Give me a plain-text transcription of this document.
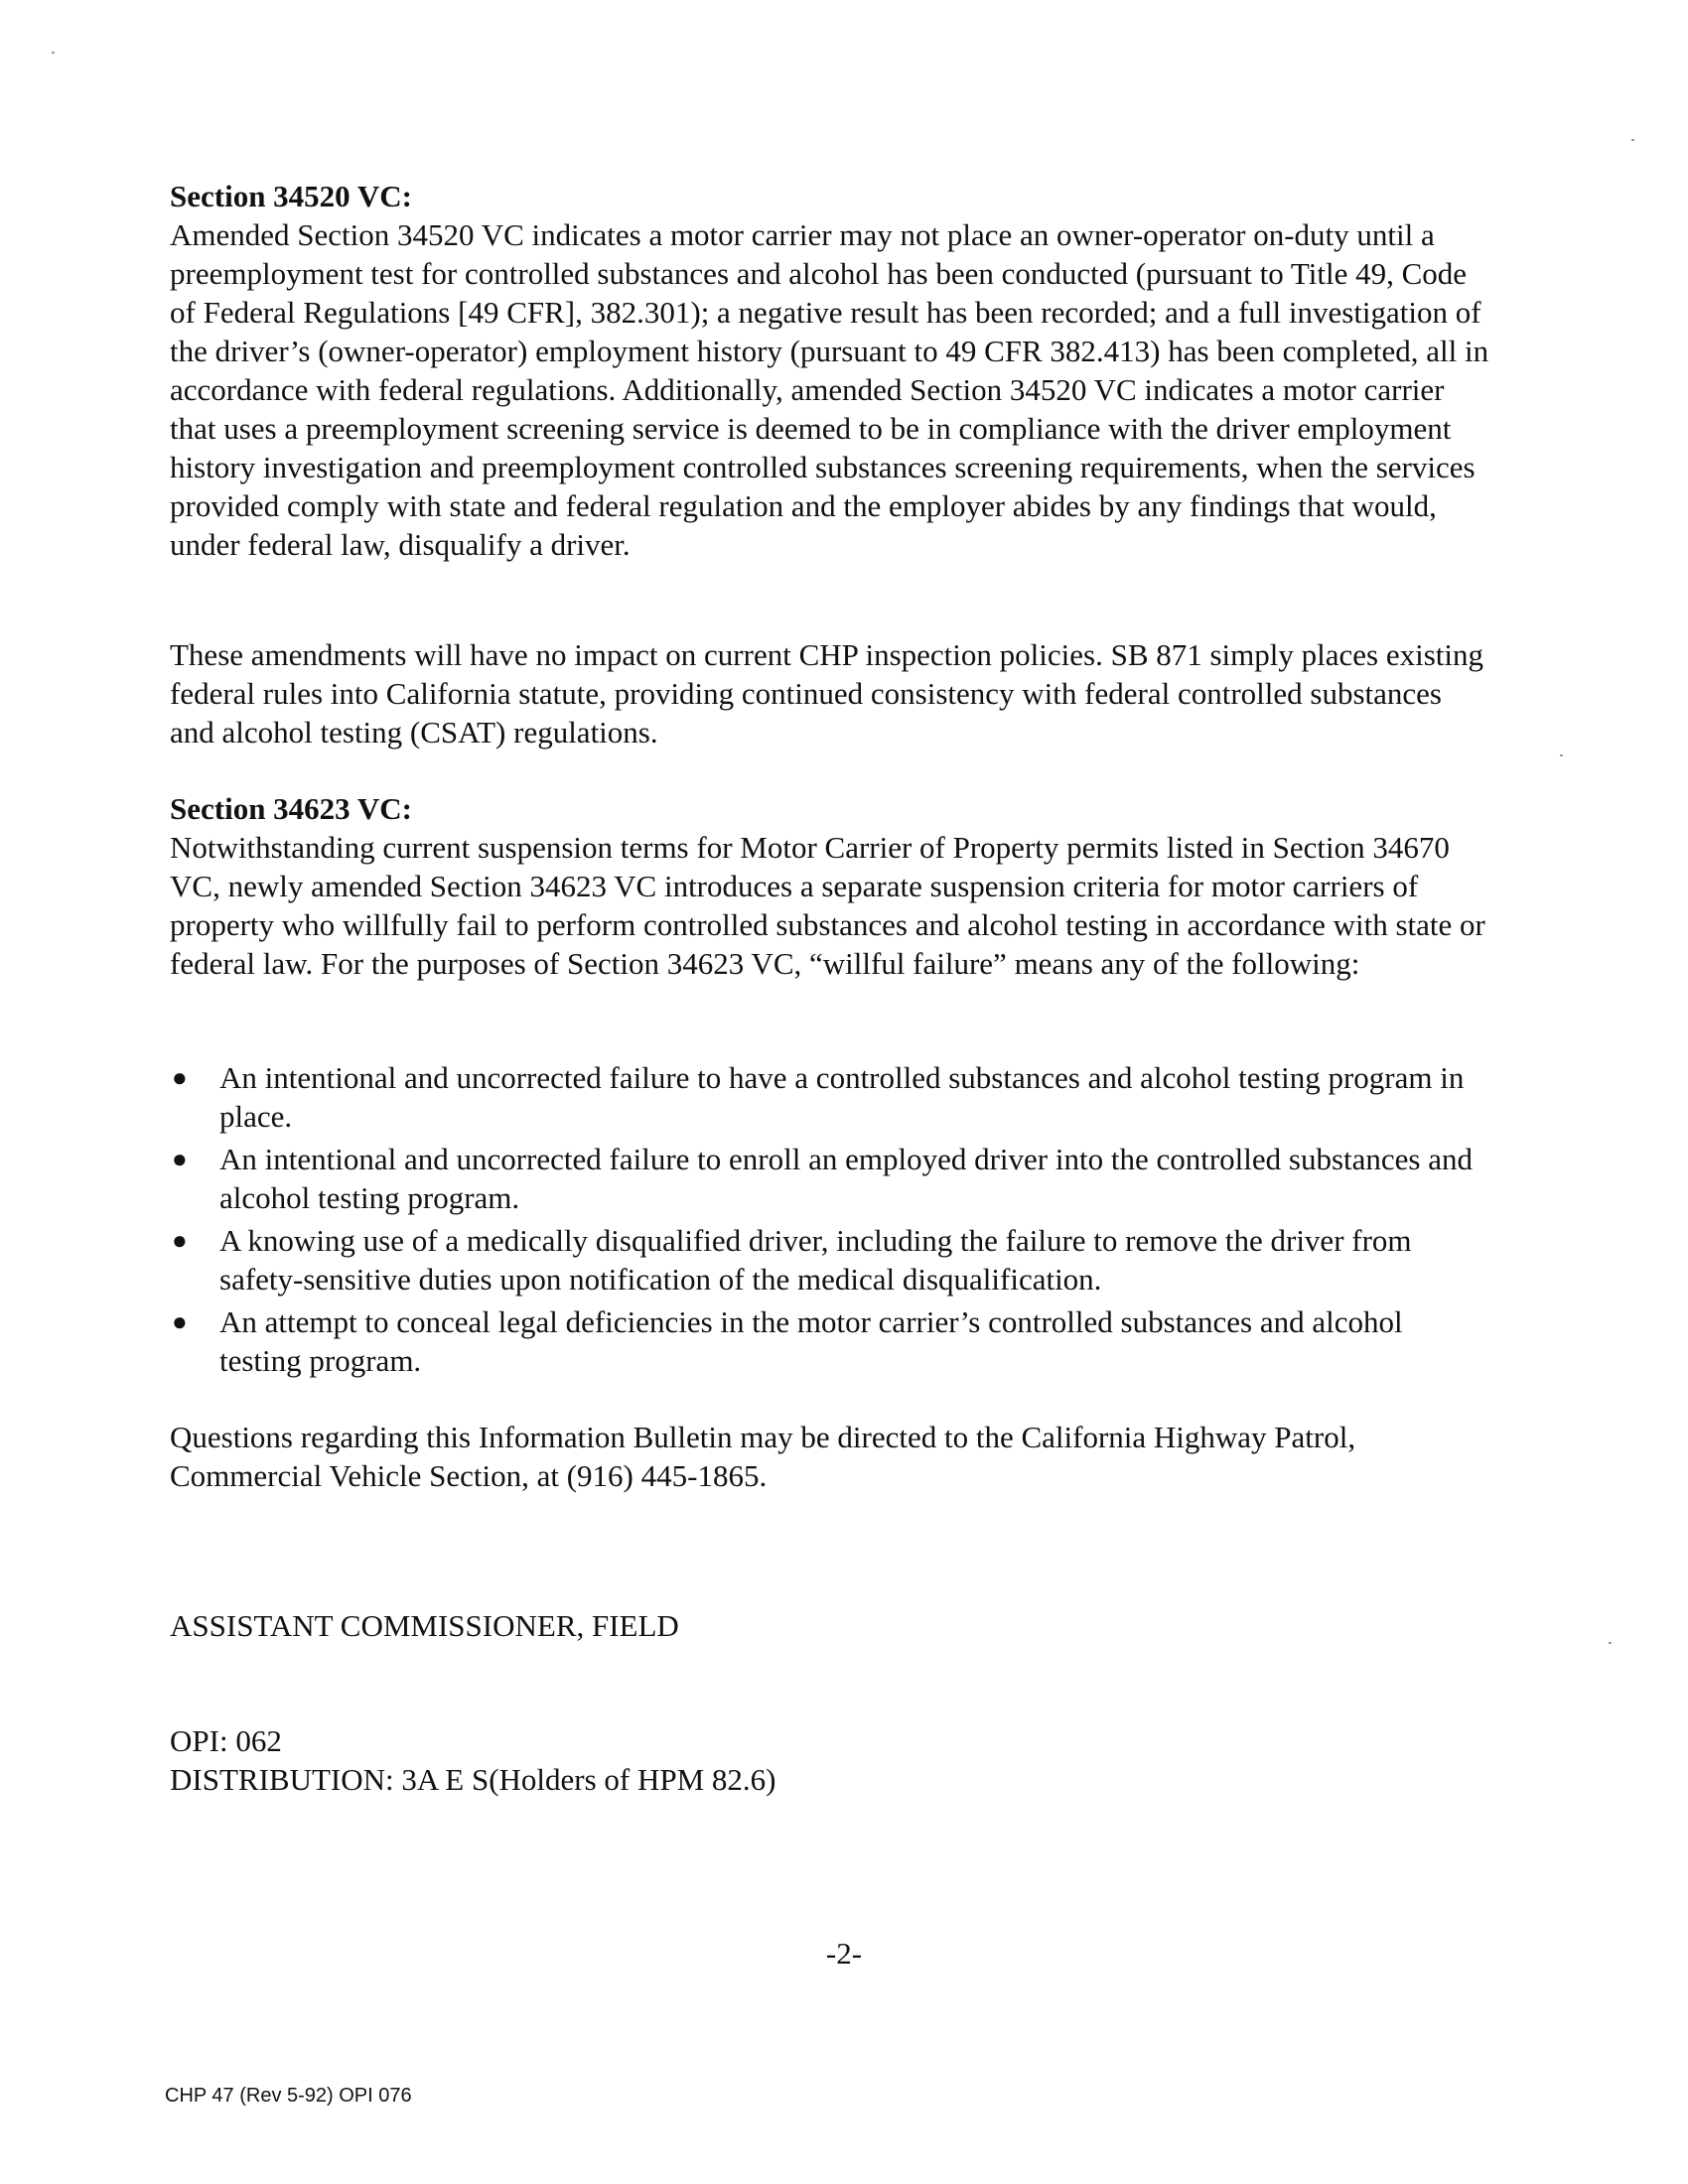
Section 34520 VC:

Amended Section 34520 VC indicates a motor carrier may not place an owner-operator on-duty until a preemployment test for controlled substances and alcohol has been conducted (pursuant to Title 49, Code of Federal Regulations [49 CFR], 382.301); a negative result has been recorded; and a full investigation of the driver’s (owner-operator) employment history (pursuant to 49 CFR 382.413) has been completed, all in accordance with federal regulations. Additionally, amended Section 34520 VC indicates a motor carrier that uses a preemployment screening service is deemed to be in compliance with the driver employment history investigation and preemployment controlled substances screening requirements, when the services provided comply with state and federal regulation and the employer abides by any findings that would, under federal law, disqualify a driver.

These amendments will have no impact on current CHP inspection policies. SB 871 simply places existing federal rules into California statute, providing continued consistency with federal controlled substances and alcohol testing (CSAT) regulations.

Section 34623 VC:

Notwithstanding current suspension terms for Motor Carrier of Property permits listed in Section 34670 VC, newly amended Section 34623 VC introduces a separate suspension criteria for motor carriers of property who willfully fail to perform controlled substances and alcohol testing in accordance with state or federal law. For the purposes of Section 34623 VC, “willful failure” means any of the following:

● An intentional and uncorrected failure to have a controlled substances and alcohol testing program in place.
● An intentional and uncorrected failure to enroll an employed driver into the controlled substances and alcohol testing program.
● A knowing use of a medically disqualified driver, including the failure to remove the driver from safety-sensitive duties upon notification of the medical disqualification.
● An attempt to conceal legal deficiencies in the motor carrier’s controlled substances and alcohol testing program.

Questions regarding this Information Bulletin may be directed to the California Highway Patrol, Commercial Vehicle Section, at (916) 445-1865.

ASSISTANT COMMISSIONER, FIELD
OPI: 062
DISTRIBUTION: 3A E S(Holders of HPM 82.6)
-2-
CHP 47 (Rev 5-92) OPI 076
